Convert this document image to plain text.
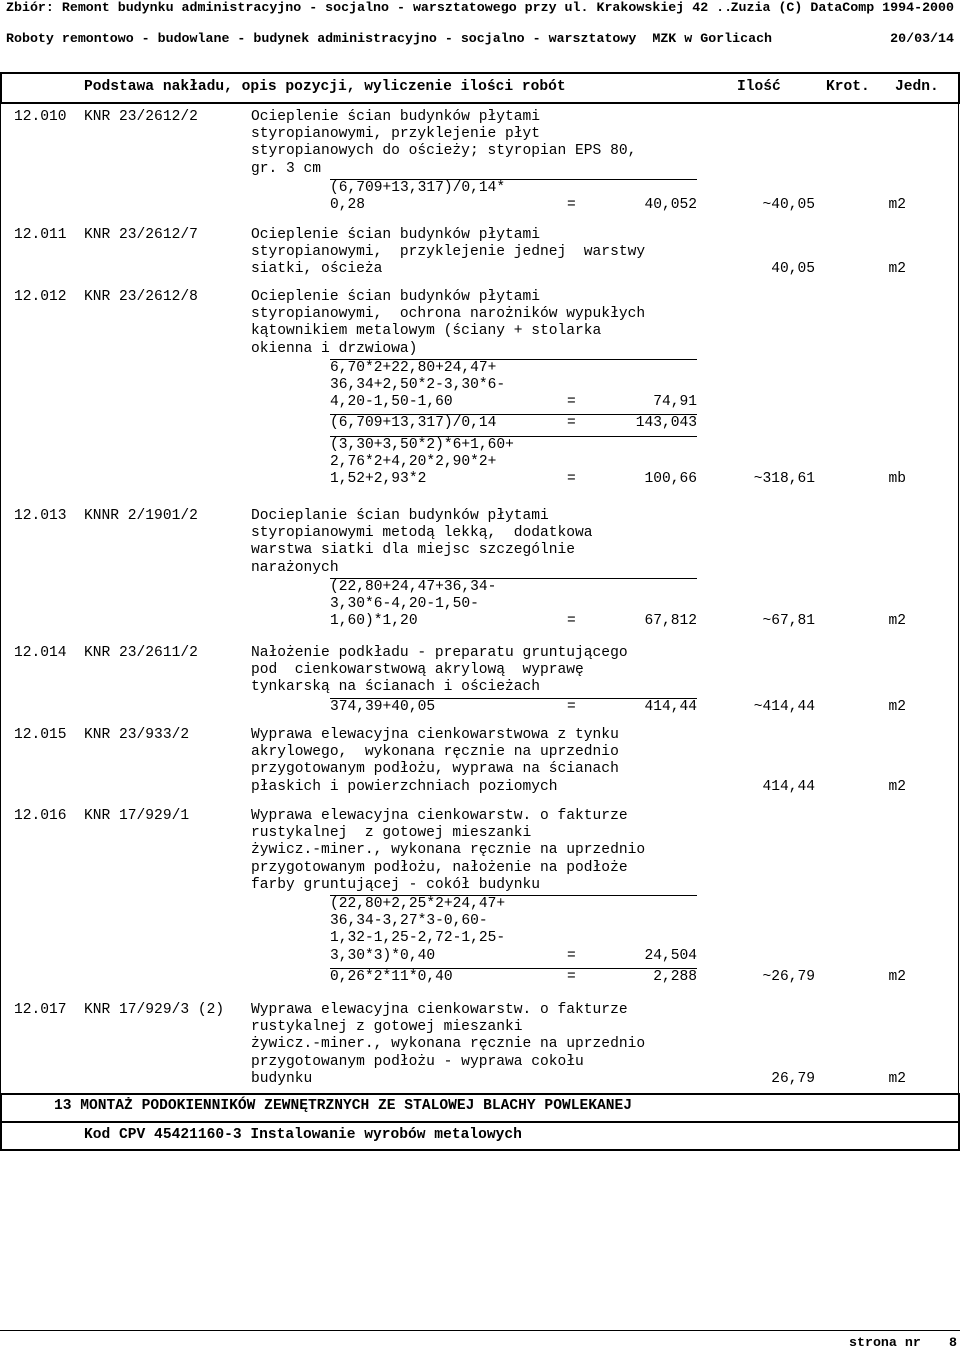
Zbiór: Remont budynku administracyjno - socjalno - warsztatowego przy ul. Krakowskiej 42 ...
Zuzia (C) DataComp 1994-2000
Roboty remontowo - budowlane - budynek administracyjno - socjalno - warsztatowy  MZK w Gorlicach	20/03/14
Podstawa nakładu, opis pozycji, wyliczenie ilości robót	Ilość	Krot. Jedn.
12.010 KNR 23/2612/2	Ocieplenie ścian budynków płytami
styropianowymi, przyklejenie płyt
styropianowych do ościeży; styropian EPS 80,
gr. 3 cm
(6,709+13,317)/0,14*
0,28	=	40,052	~40,05	m2
12.011 KNR 23/2612/7	Ocieplenie ścian budynków płytami
styropianowymi,  przyklejenie jednej  warstwy
siatki, ościeża	40,05	m2
12.012 KNR 23/2612/8	Ocieplenie ścian budynków płytami
styropianowymi,  ochrona narożników wypukłych
kątownikiem metalowym (ściany + stolarka
okienna i drzwiowa)
6,70*2+22,80+24,47+
36,34+2,50*2-3,30*6-
4,20-1,50-1,60	=	74,91
(6,709+13,317)/0,14	=	143,043
(3,30+3,50*2)*6+1,60+
2,76*2+4,20*2,90*2+
1,52+2,93*2	=	100,66	~318,61	mb
12.013 KNNR 2/1901/2	Docieplanie ścian budynków płytami
styropianowymi metodą lekką,  dodatkowa
warstwa siatki dla miejsc szczególnie
narażonych
(22,80+24,47+36,34-
3,30*6-4,20-1,50-
1,60)*1,20	=	67,812	~67,81	m2
12.014 KNR 23/2611/2	Nałożenie podkładu - preparatu gruntującego
pod  cienkowarstwową akrylową  wyprawę
tynkarską na ścianach i ościeżach
374,39+40,05	=	414,44	~414,44	m2
12.015 KNR 23/933/2	Wyprawa elewacyjna cienkowarstwowa z tynku
akrylowego,  wykonana ręcznie na uprzednio
przygotowanym podłożu, wyprawa na ścianach
płaskich i powierzchniach poziomych	414,44	m2
12.016 KNR 17/929/1	Wyprawa elewacyjna cienkowarstw. o fakturze
rustykalnej  z gotowej mieszanki
żywicz.-miner., wykonana ręcznie na uprzednio
przygotowanym podłożu, nałożenie na podłoże
farby gruntującej - cokół budynku
(22,80+2,25*2+24,47+
36,34-3,27*3-0,60-
1,32-1,25-2,72-1,25-
3,30*3)*0,40	=	24,504
0,26*2*11*0,40	=	2,288	~26,79	m2
12.017 KNR 17/929/3 (2) Wyprawa elewacyjna cienkowarstw. o fakturze
rustykalnej z gotowej mieszanki
żywicz.-miner., wykonana ręcznie na uprzednio
przygotowanym podłożu - wyprawa cokołu
budynku	26,79	m2
13 MONTAŻ PODOKIENNIKÓW ZEWNĘTRZNYCH ZE STALOWEJ BLACHY POWLEKANEJ
Kod CPV 45421160-3 Instalowanie wyrobów metalowych
strona nr 8
